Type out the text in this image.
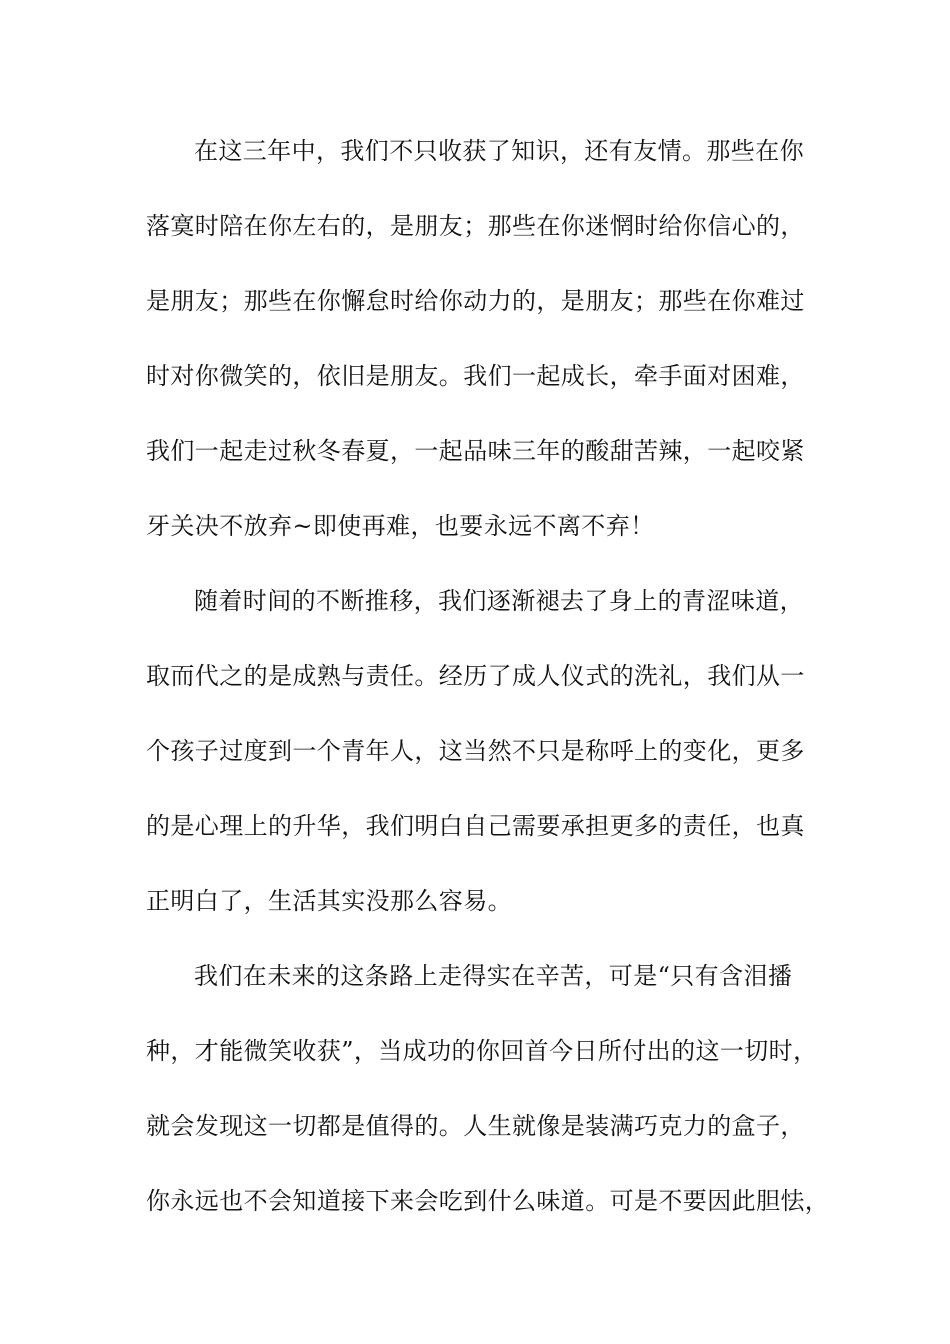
在这三年中，我们不只收获了知识，还有友情。那些在你
落寞时陪在你左右的，是朋友；那些在你迷惘时给你信心的，
是朋友；那些在你懈怠时给你动力的，是朋友；那些在你难过
时对你微笑的，依旧是朋友。我们一起成长，牵手面对困难，
我们一起走过秋冬春夏，一起品味三年的酸甜苦辣，一起咬紧
牙关决不放弃~即使再难，也要永远不离不弃！
随着时间的不断推移，我们逐渐褪去了身上的青涩味道，
取而代之的是成熟与责任。经历了成人仪式的洗礼，我们从一
个孩子过度到一个青年人，这当然不只是称呼上的变化，更多
的是心理上的升华，我们明白自己需要承担更多的责任，也真
正明白了，生活其实没那么容易。
我们在未来的这条路上走得实在辛苦，可是“只有含泪播
种，才能微笑收获”，当成功的你回首今日所付出的这一切时，
就会发现这一切都是值得的。人生就像是装满巧克力的盒子，
你永远也不会知道接下来会吃到什么味道。可是不要因此胆怯，
